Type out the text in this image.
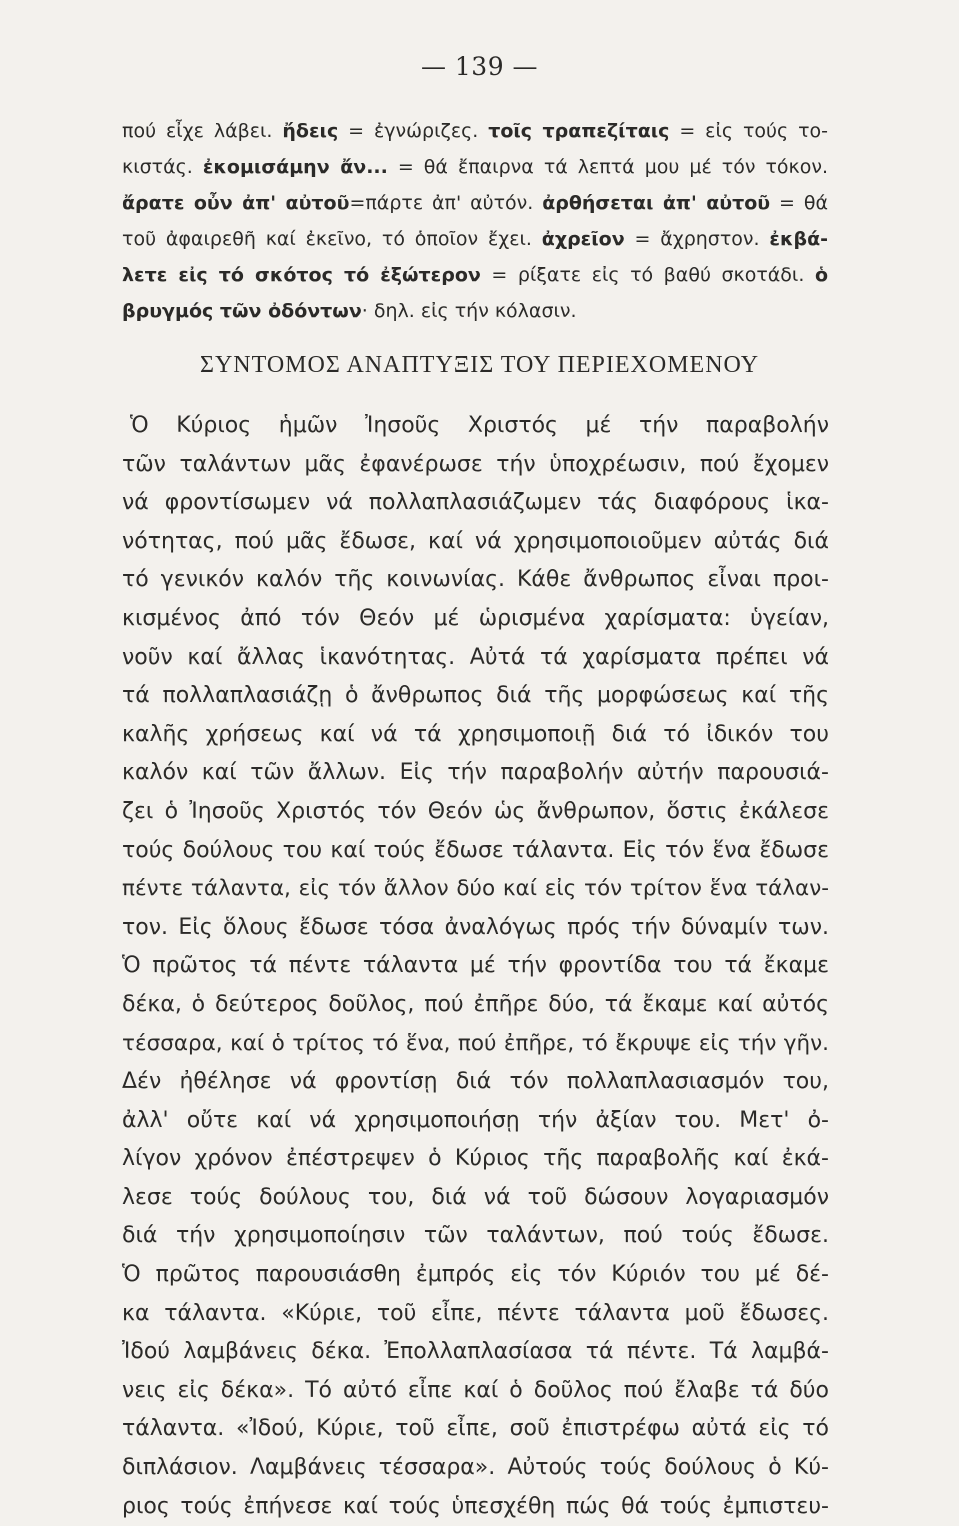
— 139 —
πού εἶχε λάβει. ἤδεις = ἐγνώριζες. τοῖς τραπεζίταις = εἰς τούς το-
κιστάς. ἐκομισάμην ἄν... = θά ἔπαιρνα τά λεπτά μου μέ τόν τόκον.
ἄρατε οὖν ἀπ' αὐτοῦ=πάρτε ἀπ' αὐτόν. ἀρθήσεται ἀπ' αὐτοῦ = θά
τοῦ ἀφαιρεθῆ καί ἐκεῖνο, τό ὁποῖον ἔχει. ἀχρεῖον = ἄχρηστον. ἐκβά-
λετε εἰς τό σκότος τό ἐξώτερον = ρίξατε εἰς τό βαθύ σκοτάδι. ὁ
βρυγμός τῶν ὀδόντων· δηλ. εἰς τήν κόλασιν.
ΣΥΝΤΟΜΟΣ ΑΝΑΠΤΥΞΙΣ ΤΟΥ ΠΕΡΙΕΧΟΜΕΝΟΥ
Ὁ Κύριος ἡμῶν Ἰησοῦς Χριστός μέ τήν παραβολήν
τῶν ταλάντων μᾶς ἐφανέρωσε τήν ὑποχρέωσιν, πού ἔχομεν
νά φροντίσωμεν νά πολλαπλασιάζωμεν τάς διαφόρους ἱκα-
νότητας, πού μᾶς ἔδωσε, καί νά χρησιμοποιοῦμεν αὐτάς διά
τό γενικόν καλόν τῆς κοινωνίας. Κάθε ἄνθρωπος εἶναι προι-
κισμένος ἀπό τόν Θεόν μέ ὡρισμένα χαρίσματα: ὑγείαν,
νοῦν καί ἄλλας ἱκανότητας. Αὐτά τά χαρίσματα πρέπει νά
τά πολλαπλασιάζῃ ὁ ἄνθρωπος διά τῆς μορφώσεως καί τῆς
καλῆς χρήσεως καί νά τά χρησιμοποιῇ διά τό ἰδικόν του
καλόν καί τῶν ἄλλων. Εἰς τήν παραβολήν αὐτήν παρουσιά-
ζει ὁ Ἰησοῦς Χριστός τόν Θεόν ὡς ἄνθρωπον, ὅστις ἐκάλεσε
τούς δούλους του καί τούς ἔδωσε τάλαντα. Εἰς τόν ἕνα ἔδωσε
πέντε τάλαντα, εἰς τόν ἄλλον δύο καί εἰς τόν τρίτον ἕνα τάλαν-
τον. Εἰς ὅλους ἔδωσε τόσα ἀναλόγως πρός τήν δύναμίν των.
Ὁ πρῶτος τά πέντε τάλαντα μέ τήν φροντίδα του τά ἔκαμε
δέκα, ὁ δεύτερος δοῦλος, πού ἐπῆρε δύο, τά ἔκαμε καί αὐτός
τέσσαρα, καί ὁ τρίτος τό ἕνα, πού ἐπῆρε, τό ἔκρυψε εἰς τήν γῆν.
Δέν ἠθέλησε νά φροντίσῃ διά τόν πολλαπλασιασμόν του,
ἀλλ' οὔτε καί νά χρησιμοποιήσῃ τήν ἀξίαν του. Μετ' ὀ-
λίγον χρόνον ἐπέστρεψεν ὁ Κύριος τῆς παραβολῆς καί ἐκά-
λεσε τούς δούλους του, διά νά τοῦ δώσουν λογαριασμόν
διά τήν χρησιμοποίησιν τῶν ταλάντων, πού τούς ἔδωσε.
Ὁ πρῶτος παρουσιάσθη ἐμπρός εἰς τόν Κύριόν του μέ δέ-
κα τάλαντα. «Κύριε, τοῦ εἶπε, πέντε τάλαντα μοῦ ἔδωσες.
Ἰδού λαμβάνεις δέκα. Ἐπολλαπλασίασα τά πέντε. Τά λαμβά-
νεις εἰς δέκα». Τό αὐτό εἶπε καί ὁ δοῦλος πού ἔλαβε τά δύο
τάλαντα. «Ἰδού, Κύριε, τοῦ εἶπε, σοῦ ἐπιστρέφω αὐτά εἰς τό
διπλάσιον. Λαμβάνεις τέσσαρα». Αὐτούς τούς δούλους ὁ Κύ-
ριος τούς ἐπήνεσε καί τούς ὑπεσχέθη πώς θά τούς ἐμπιστευ-
